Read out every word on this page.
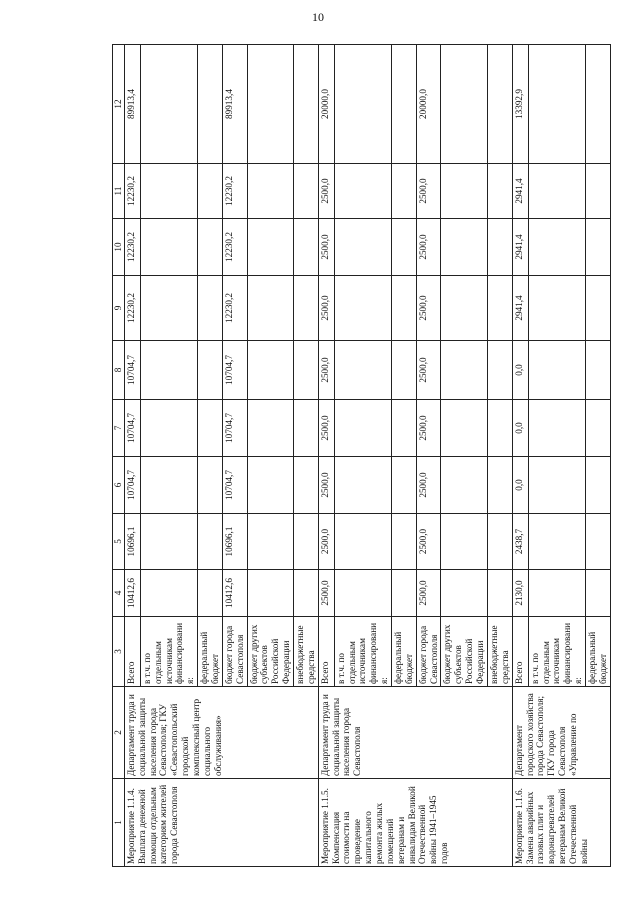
10
1	2	3	4	5	6	7	8	9	10	11	12
Мероприятие 1.1.4. Выплата денежной помощи отдельным категориям жителей города Севастополя	Департамент труда и социальной защиты населения города Севастополя; ГКУ «Севастопольский городской комплексный центр социального обслуживания»	Всего	10412,6	10696,1	10704,7	10704,7	10704,7	12230,2	12230,2	12230,2	89913,4
		в т.ч. по отдельным источникам финансирования:									
		федеральный бюджет									
		бюджет города Севастополя	10412,6	10696,1	10704,7	10704,7	10704,7	12230,2	12230,2	12230,2	89913,4
		бюджет других субъектов Российской Федерации									
		внебюджетные средства									
Мероприятие 1.1.5. Компенсация стоимости на проведение капитального ремонта жилых помещений ветеранам и инвалидам Великой Отечественной войны 1941–1945 годов	Департамент труда и социальной защиты населения города Севастополя	Всего	2500,0	2500,0	2500,0	2500,0	2500,0	2500,0	2500,0	2500,0	20000,0
		в т.ч. по отдельным источникам финансирования:									
		федеральный бюджет									
		бюджет города Севастополя	2500,0	2500,0	2500,0	2500,0	2500,0	2500,0	2500,0	2500,0	20000,0
		бюджет других субъектов Российской Федерации									
		внебюджетные средства									
Мероприятие 1.1.6. Замена аварийных газовых плит и водонагревателей ветеранам Великой Отечественной войны	Департамент городского хозяйства города Севастополя; ГКУ города Севастополя «Управление по	Всего	2130,0	2438,7	0,0	0,0	0,0	2941,4	2941,4	2941,4	13392,9
		в т.ч. по отдельным источникам финансирования:									
		федеральный бюджет									
